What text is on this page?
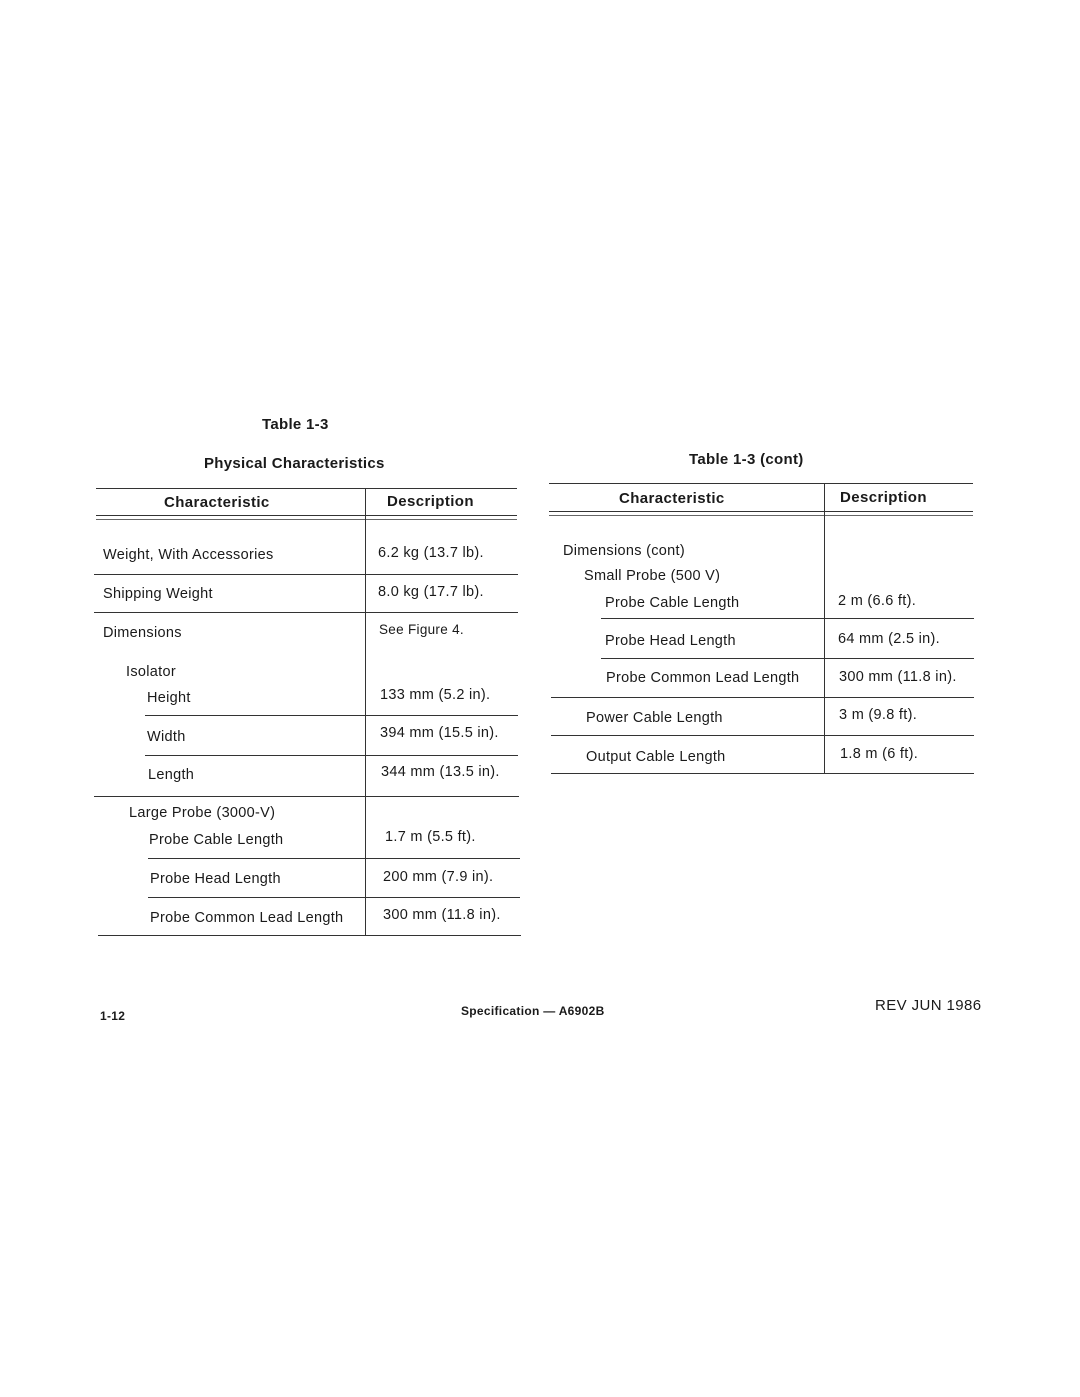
Table 1-3
Physical Characteristics
Characteristic	Description
Weight, With Accessories	6.2 kg (13.7 lb).
Shipping Weight	8.0 kg (17.7 lb).
Dimensions	See Figure 4.
Isolator
Height	133 mm (5.2 in).
Width	394 mm (15.5 in).
Length	344 mm (13.5 in).
Large Probe (3000-V)
Probe Cable Length	1.7 m (5.5 ft).
Probe Head Length	200 mm (7.9 in).
Probe Common Lead Length	300 mm (11.8 in).
Table 1-3 (cont)
Characteristic	Description
Dimensions (cont)
Small Probe (500 V)
Probe Cable Length	2 m (6.6 ft).
Probe Head Length	64 mm (2.5 in).
Probe Common Lead Length	300 mm (11.8 in).
Power Cable Length	3 m (9.8 ft).
Output Cable Length	1.8 m (6 ft).
1-12	Specification — A6902B	REV JUN 1986
